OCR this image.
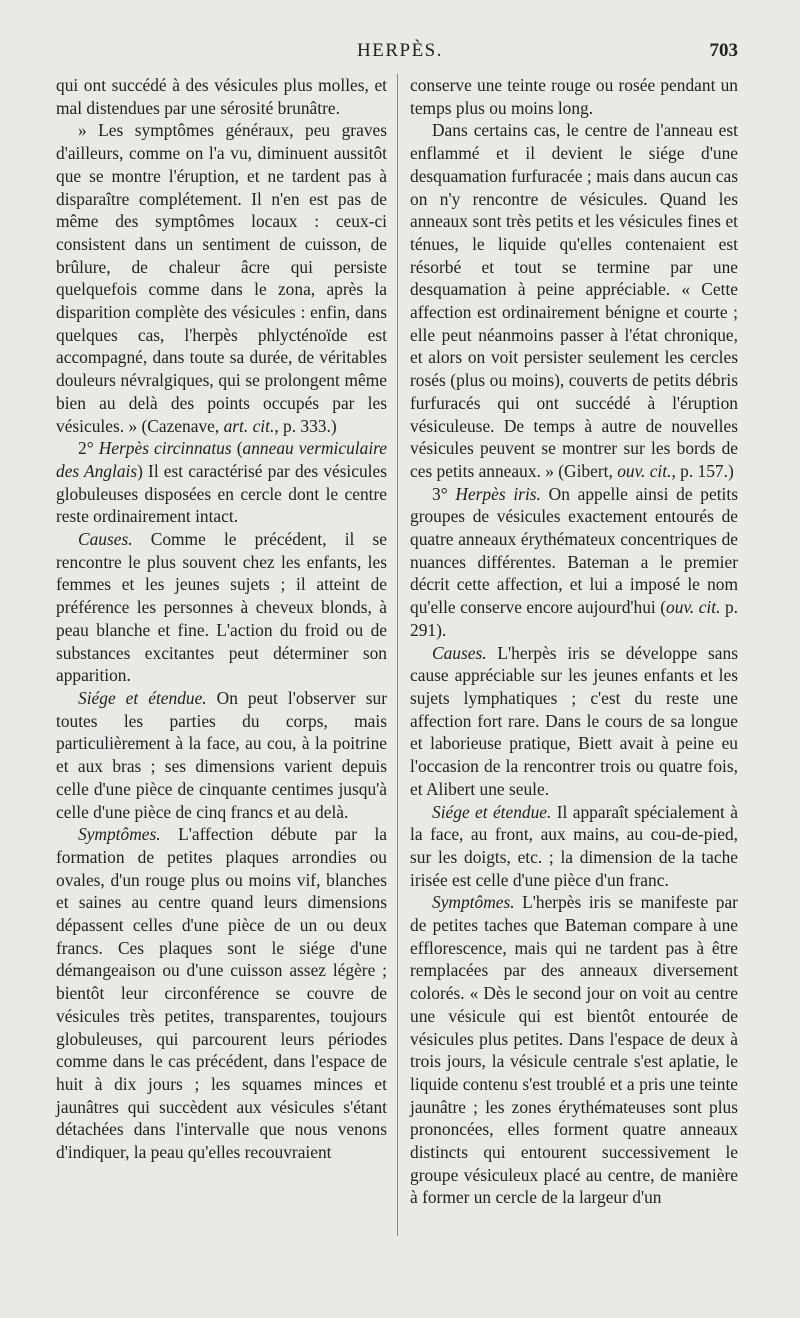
HERPÈS.	703

qui ont succédé à des vésicules plus molles, et mal distendues par une sérosité brunâtre.

» Les symptômes généraux, peu graves d'ailleurs, comme on l'a vu, diminuent aussitôt que se montre l'éruption, et ne tardent pas à disparaître complétement. Il n'en est pas de même des symptômes locaux : ceux-ci consistent dans un sentiment de cuisson, de brûlure, de chaleur âcre qui persiste quelquefois comme dans le zona, après la disparition complète des vésicules : enfin, dans quelques cas, l'herpès phlycténoïde est accompagné, dans toute sa durée, de véritables douleurs névralgiques, qui se prolongent même bien au delà des points occupés par les vésicules. » (Cazenave, art. cit., p. 333.)

2° Herpès circinnatus (anneau vermiculaire des Anglais) Il est caractérisé par des vésicules globuleuses disposées en cercle dont le centre reste ordinairement intact.

Causes. Comme le précédent, il se rencontre le plus souvent chez les enfants, les femmes et les jeunes sujets ; il atteint de préférence les personnes à cheveux blonds, à peau blanche et fine. L'action du froid ou de substances excitantes peut déterminer son apparition.

Siége et étendue. On peut l'observer sur toutes les parties du corps, mais particulièrement à la face, au cou, à la poitrine et aux bras ; ses dimensions varient depuis celle d'une pièce de cinquante centimes jusqu'à celle d'une pièce de cinq francs et au delà.

Symptômes. L'affection débute par la formation de petites plaques arrondies ou ovales, d'un rouge plus ou moins vif, blanches et saines au centre quand leurs dimensions dépassent celles d'une pièce de un ou deux francs. Ces plaques sont le siége d'une démangeaison ou d'une cuisson assez légère ; bientôt leur circonférence se couvre de vésicules très petites, transparentes, toujours globuleuses, qui parcourent leurs périodes comme dans le cas précédent, dans l'espace de huit à dix jours ; les squames minces et jaunâtres qui succèdent aux vésicules s'étant détachées dans l'intervalle que nous venons d'indiquer, la peau qu'elles recouvraient

conserve une teinte rouge ou rosée pendant un temps plus ou moins long.

Dans certains cas, le centre de l'anneau est enflammé et il devient le siége d'une desquamation furfuracée ; mais dans aucun cas on n'y rencontre de vésicules. Quand les anneaux sont très petits et les vésicules fines et ténues, le liquide qu'elles contenaient est résorbé et tout se termine par une desquamation à peine appréciable. « Cette affection est ordinairement bénigne et courte ; elle peut néanmoins passer à l'état chronique, et alors on voit persister seulement les cercles rosés (plus ou moins), couverts de petits débris furfuracés qui ont succédé à l'éruption vésiculeuse. De temps à autre de nouvelles vésicules peuvent se montrer sur les bords de ces petits anneaux. » (Gibert, ouv. cit., p. 157.)

3° Herpès iris. On appelle ainsi de petits groupes de vésicules exactement entourés de quatre anneaux érythémateux concentriques de nuances différentes. Bateman a le premier décrit cette affection, et lui a imposé le nom qu'elle conserve encore aujourd'hui (ouv. cit. p. 291).

Causes. L'herpès iris se développe sans cause appréciable sur les jeunes enfants et les sujets lymphatiques ; c'est du reste une affection fort rare. Dans le cours de sa longue et laborieuse pratique, Biett avait à peine eu l'occasion de la rencontrer trois ou quatre fois, et Alibert une seule.

Siége et étendue. Il apparaît spécialement à la face, au front, aux mains, au cou-de-pied, sur les doigts, etc. ; la dimension de la tache irisée est celle d'une pièce d'un franc.

Symptômes. L'herpès iris se manifeste par de petites taches que Bateman compare à une efflorescence, mais qui ne tardent pas à être remplacées par des anneaux diversement colorés. « Dès le second jour on voit au centre une vésicule qui est bientôt entourée de vésicules plus petites. Dans l'espace de deux à trois jours, la vésicule centrale s'est aplatie, le liquide contenu s'est troublé et a pris une teinte jaunâtre ; les zones érythémateuses sont plus prononcées, elles forment quatre anneaux distincts qui entourent successivement le groupe vésiculeux placé au centre, de manière à former un cercle de la largeur d'un
